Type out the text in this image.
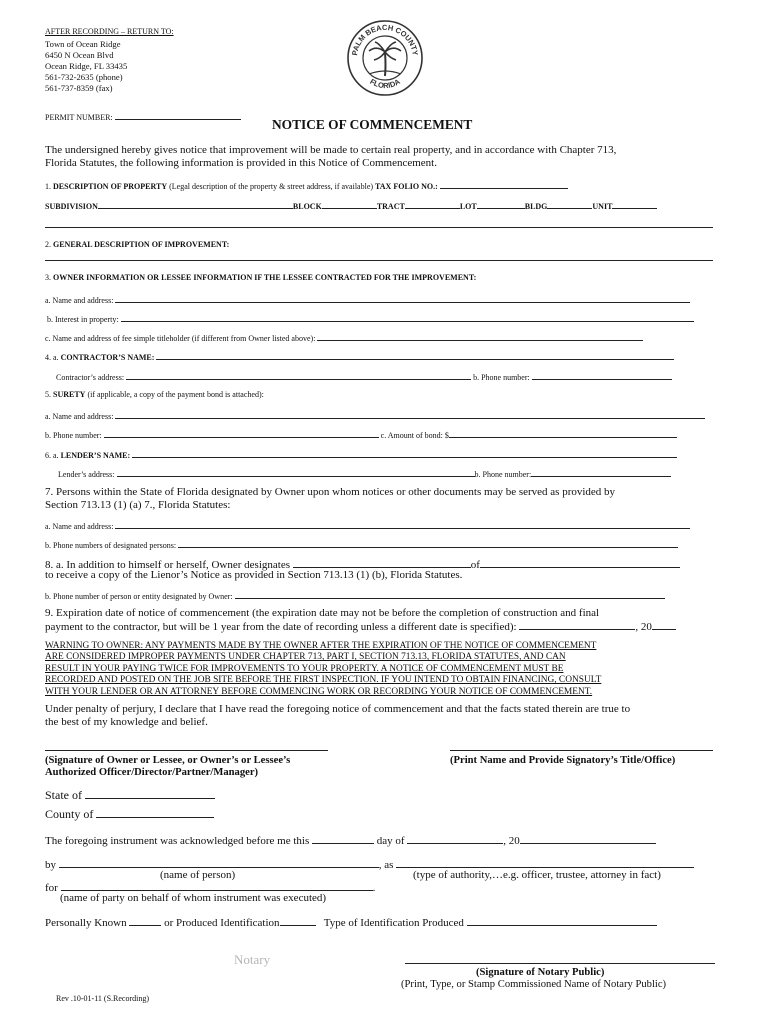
AFTER RECORDING – RETURN TO:
Town of Ocean Ridge
6450 N Ocean Blvd
Ocean Ridge, FL 33435
561-732-2635 (phone)
561-737-8359 (fax)
PALM BEACH COUNTY
FLORIDA
PERMIT NUMBER:	NOTICE OF COMMENCEMENT
The undersigned hereby gives notice that improvement will be made to certain real property, and in accordance with Chapter 713,
Florida Statutes, the following information is provided in this Notice of Commencement.
1. DESCRIPTION OF PROPERTY (Legal description of the property & street address, if available) TAX FOLIO NO.:
SUBDIVISION	BLOCK	TRACT	LOT	BLDG	UNIT
2. GENERAL DESCRIPTION OF IMPROVEMENT:
3. OWNER INFORMATION OR LESSEE INFORMATION IF THE LESSEE CONTRACTED FOR THE IMPROVEMENT:
a. Name and address:
b. Interest in property:
c. Name and address of fee simple titleholder (if different from Owner listed above):
4. a. CONTRACTOR’S NAME:
Contractor’s address:	b. Phone number:
5. SURETY (if applicable, a copy of the payment bond is attached):
a. Name and address:
b. Phone number:	c. Amount of bond: $
6. a. LENDER’S NAME:
Lender’s address:	b. Phone number:
7. Persons within the State of Florida designated by Owner upon whom notices or other documents may be served as provided by
Section 713.13 (1) (a) 7., Florida Statutes:
a. Name and address:
b. Phone numbers of designated persons:
8. a. In addition to himself or herself, Owner designates	of
to receive a copy of the Lienor’s Notice as provided in Section 713.13 (1) (b), Florida Statutes.
b. Phone number of person or entity designated by Owner:
9. Expiration date of notice of commencement (the expiration date may not be before the completion of construction and final
payment to the contractor, but will be 1 year from the date of recording unless a different date is specified):	, 20
WARNING TO OWNER: ANY PAYMENTS MADE BY THE OWNER AFTER THE EXPIRATION OF THE NOTICE OF COMMENCEMENT
ARE CONSIDERED IMPROPER PAYMENTS UNDER CHAPTER 713, PART I, SECTION 713.13, FLORIDA STATUTES, AND CAN
RESULT IN YOUR PAYING TWICE FOR IMPROVEMENTS TO YOUR PROPERTY. A NOTICE OF COMMENCEMENT MUST BE
RECORDED AND POSTED ON THE JOB SITE BEFORE THE FIRST INSPECTION. IF YOU INTEND TO OBTAIN FINANCING, CONSULT
WITH YOUR LENDER OR AN ATTORNEY BEFORE COMMENCING WORK OR RECORDING YOUR NOTICE OF COMMENCEMENT.
Under penalty of perjury, I declare that I have read the foregoing notice of commencement and that the facts stated therein are true to
the best of my knowledge and belief.
(Signature of Owner or Lessee, or Owner’s or Lessee’s
Authorized Officer/Director/Partner/Manager)
(Print Name and Provide Signatory’s Title/Office)
State of
County of
The foregoing instrument was acknowledged before me this	day of	, 20
by	, as
(name of person)	(type of authority,…e.g. officer, trustee, attorney in fact)
for	.
(name of party on behalf of whom instrument was executed)
Personally Known	or Produced Identification	Type of Identification Produced
Notary
(Signature of Notary Public)
(Print, Type, or Stamp Commissioned Name of Notary Public)
Rev .10-01-11 (S.Recording)
